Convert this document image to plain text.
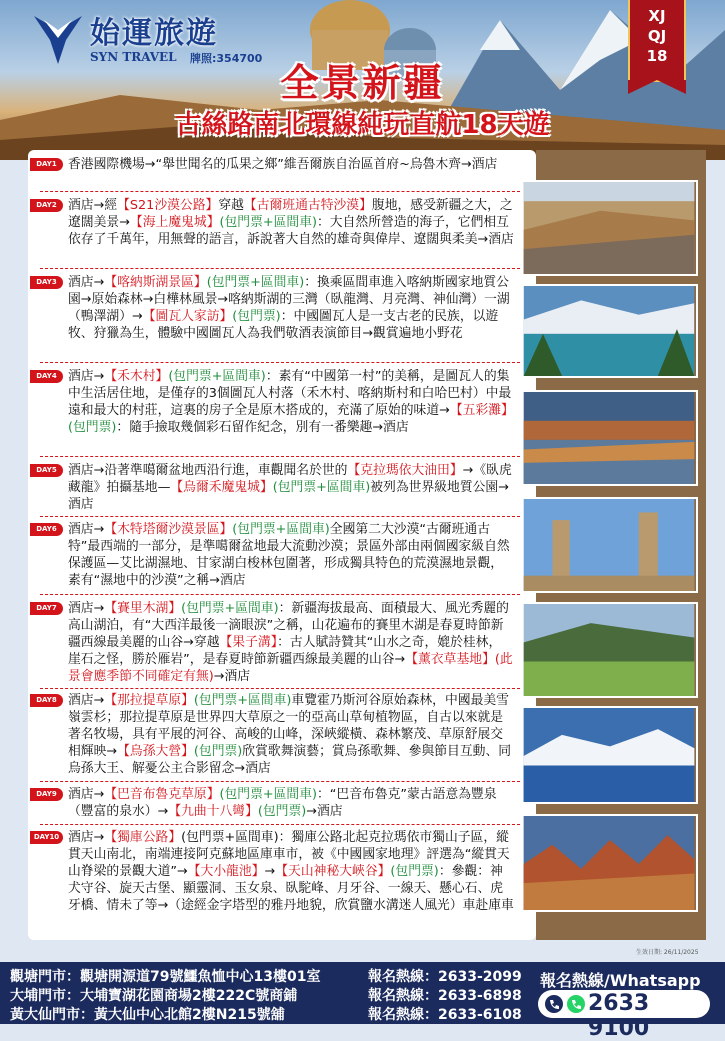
始運旅遊
SYN TRAVEL 牌照:354700
XJ
QJ
18
全景新疆
古絲路南北環線純玩直航18天遊
DAY1 香港國際機場→“舉世聞名的瓜果之鄉”維吾爾族自治區首府~烏魯木齊→酒店
DAY2 酒店→經【S21沙漠公路】穿越【古爾班通古特沙漠】腹地，感受新疆之大，之遼闊美景→【海上魔鬼城】(包門票+區間車)：大自然所營造的海子，它們相互依存了千萬年，用無聲的語言，訴說著大自然的雄奇與偉岸、遼闊與柔美→酒店
DAY3 酒店→【喀納斯湖景區】(包門票+區間車)：換乘區間車進入喀納斯國家地質公園→原始森林→白樺林風景→喀納斯湖的三灣（臥龍灣、月亮灣、神仙灣）一湖（鴨澤湖）→【圖瓦人家訪】(包門票)：中國圖瓦人是一支古老的民族，以遊牧、狩獵為生，體驗中國圖瓦人為我們敬酒表演節目→觀賞遍地小野花
DAY4 酒店→【禾木村】(包門票+區間車)：素有“中國第一村”的美稱，是圖瓦人的集中生活居住地，是僅存的3個圖瓦人村落（禾木村、喀納斯村和白哈巴村）中最遠和最大的村莊，這裏的房子全是原木搭成的，充滿了原始的味道→【五彩灘】(包門票)：隨手撿取幾個彩石留作紀念，別有一番樂趣→酒店
DAY5 酒店→沿著準噶爾盆地西沿行進，車觀聞名於世的【克拉瑪依大油田】→《臥虎藏龍》拍攝基地—【烏爾禾魔鬼城】(包門票+區間車)被列為世界級地質公園→酒店
DAY6 酒店→【木特塔爾沙漠景區】(包門票+區間車)全國第二大沙漠“古爾班通古特”最西端的一部分，是準噶爾盆地最大流動沙漠；景區外部由兩個國家級自然保護區—艾比湖濕地、甘家湖白梭林包圍著，形成獨具特色的荒漠濕地景觀，素有“濕地中的沙漠”之稱→酒店
DAY7 酒店→【賽里木湖】(包門票+區間車)：新疆海拔最高、面積最大、風光秀麗的高山湖泊，有“大西洋最後一滴眼淚”之稱，山花遍布的賽里木湖是春夏時節新疆西線最美麗的山谷→穿越【果子溝】：古人賦詩贊其“山水之奇，媲於桂林，崖石之怪，勝於雁岩”，是春夏時節新疆西線最美麗的山谷→【薰衣草基地】(此景會應季節不同確定有無)→酒店
DAY8 酒店→【那拉提草原】(包門票+區間車)車覽霍乃斯河谷原始森林，中國最美雪嶺雲杉；那拉提草原是世界四大草原之一的亞高山草甸植物區，自古以來就是著名牧場，具有平展的河谷、高峻的山峰，深峽縱橫、森林繁茂、草原舒展交相輝映→【烏孫大營】(包門票)欣賞歌舞演藝；賞烏孫歌舞、參與節目互動、同烏孫大王、解憂公主合影留念→酒店
DAY9 酒店→【巴音布魯克草原】(包門票+區間車)：“巴音布魯克”蒙古語意為豐泉（豐富的泉水）→【九曲十八彎】(包門票)→酒店
DAY10 酒店→【獨庫公路】(包門票+區間車)：獨庫公路北起克拉瑪依市獨山子區，縱貫天山南北，南端連接阿克蘇地區庫車市，被《中國國家地理》評選為“縱貫天山脊梁的景觀大道”→【大小龍池】→【天山神秘大峽谷】(包門票)：參觀：神犬守谷、旋天古堡、顯靈洞、玉女泉、臥駝峰、月牙谷、一線天、懸心石、虎牙橋、情未了等→（途經金字塔型的雅丹地貌，欣賞鹽水溝迷人風光）車赴庫車
生效日期: 26/11/2025
觀塘門市：觀塘開源道79號鱷魚恤中心13樓01室	報名熱線：2633-2099
大埔門市：大埔寶湖花園商場2樓222C號商鋪	報名熱線：2633-6898
黃大仙門市：黃大仙中心北館2樓N215號舖	報名熱線：2633-6108
報名熱線/Whatsapp
2633 9100
